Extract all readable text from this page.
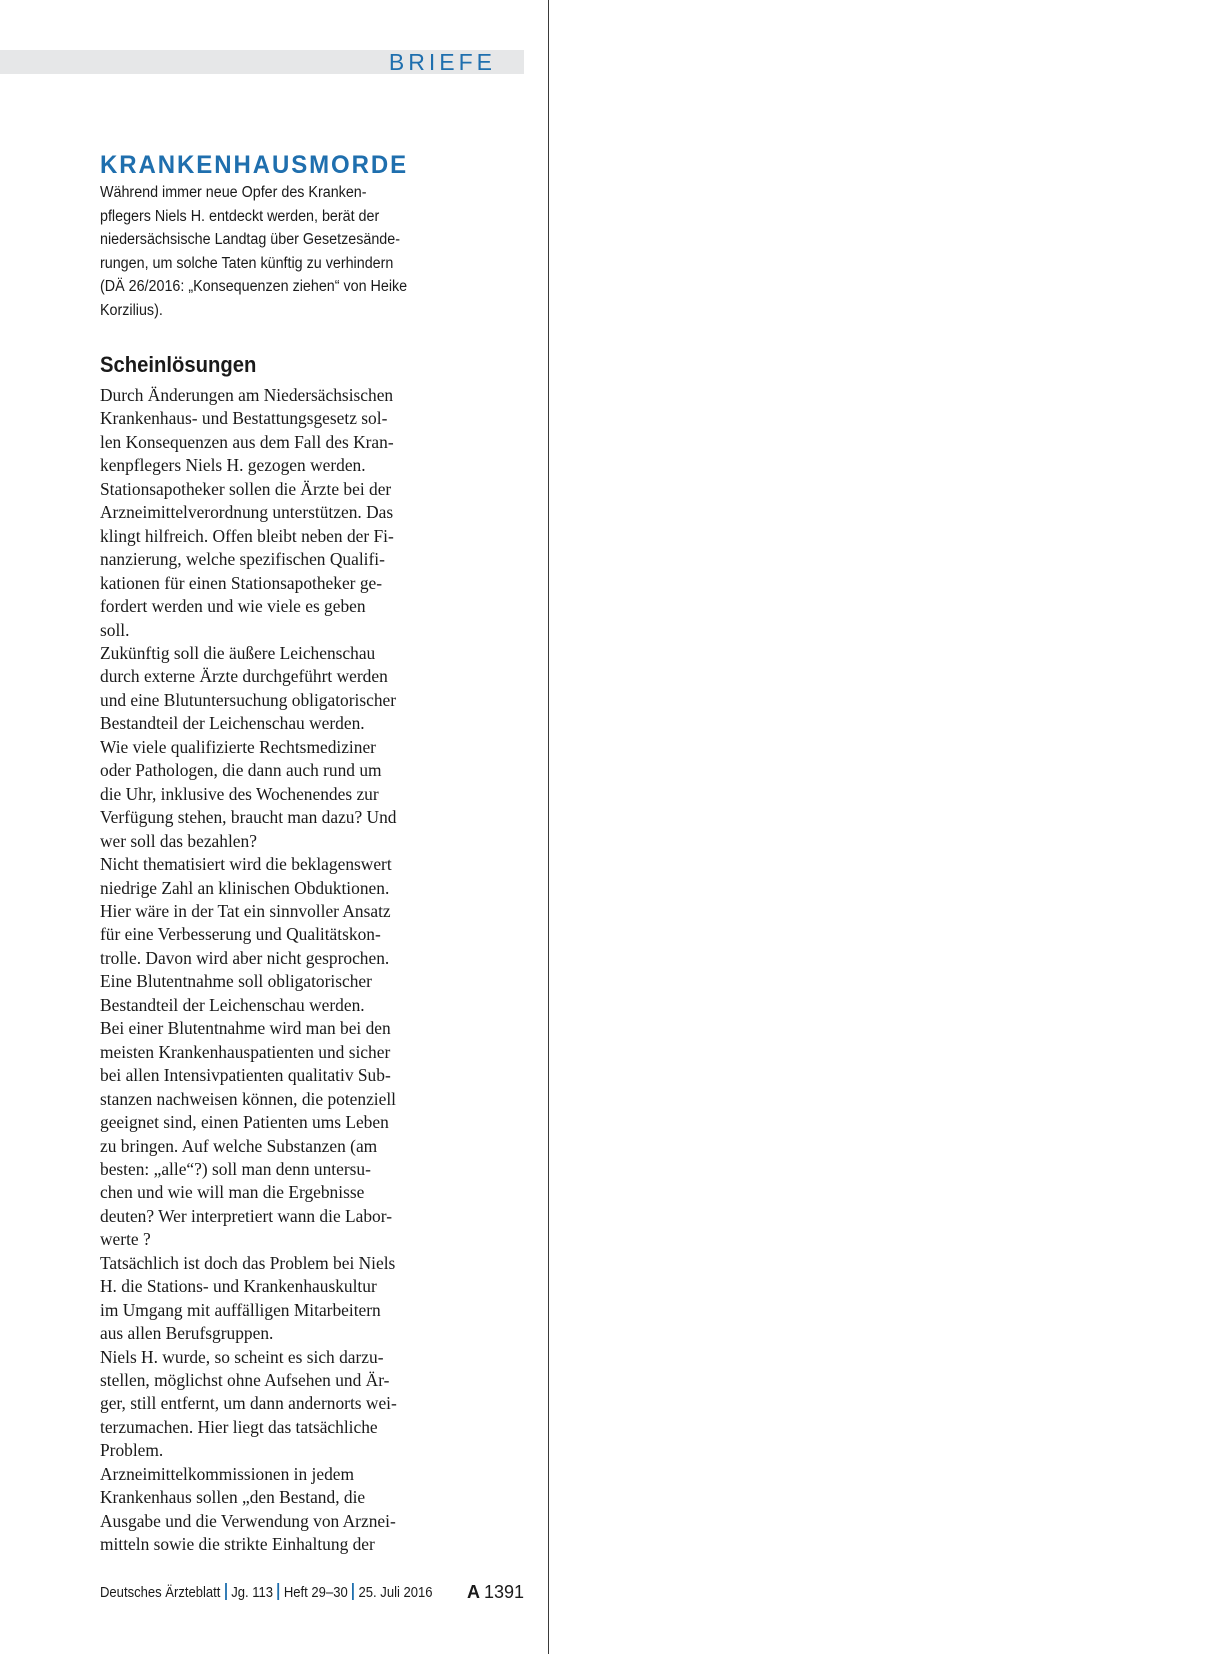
BRIEFE
KRANKENHAUSMORDE

Während immer neue Opfer des Kranken-
pflegers Niels H. entdeckt werden, berät der
niedersächsische Landtag über Gesetzesände-
rungen, um solche Taten künftig zu verhindern
(DÄ 26/2016: „Konsequenzen ziehen“ von Heike
Korzilius).

Scheinlösungen

Durch Änderungen am Niedersächsischen
Krankenhaus- und Bestattungsgesetz sol-
len Konsequenzen aus dem Fall des Kran-
kenpflegers Niels H. gezogen werden.
Stationsapotheker sollen die Ärzte bei der
Arzneimittelverordnung unterstützen. Das
klingt hilfreich. Offen bleibt neben der Fi-
nanzierung, welche spezifischen Qualifi-
kationen für einen Stationsapotheker ge-
fordert werden und wie viele es geben
soll.
Zukünftig soll die äußere Leichenschau
durch externe Ärzte durchgeführt werden
und eine Blutuntersuchung obligatorischer
Bestandteil der Leichenschau werden.
Wie viele qualifizierte Rechtsmediziner
oder Pathologen, die dann auch rund um
die Uhr, inklusive des Wochenendes zur
Verfügung stehen, braucht man dazu? Und
wer soll das bezahlen?
Nicht thematisiert wird die beklagenswert
niedrige Zahl an klinischen Obduktionen.
Hier wäre in der Tat ein sinnvoller Ansatz
für eine Verbesserung und Qualitätskon-
trolle. Davon wird aber nicht gesprochen.
Eine Blutentnahme soll obligatorischer
Bestandteil der Leichenschau werden.
Bei einer Blutentnahme wird man bei den
meisten Krankenhauspatienten und sicher
bei allen Intensivpatienten qualitativ Sub-
stanzen nachweisen können, die potenziell
geeignet sind, einen Patienten ums Leben
zu bringen. Auf welche Substanzen (am
besten: „alle“?) soll man denn untersu-
chen und wie will man die Ergebnisse
deuten? Wer interpretiert wann die Labor-
werte ?
Tatsächlich ist doch das Problem bei Niels
H. die Stations- und Krankenhauskultur
im Umgang mit auffälligen Mitarbeitern
aus allen Berufsgruppen.
Niels H. wurde, so scheint es sich darzu-
stellen, möglichst ohne Aufsehen und Är-
ger, still entfernt, um dann andernorts wei-
terzumachen. Hier liegt das tatsächliche
Problem.
Arzneimittelkommissionen in jedem
Krankenhaus sollen „den Bestand, die
Ausgabe und die Verwendung von Arznei-
mitteln sowie die strikte Einhaltung der

Deutsches Ärzteblatt Jg. 113 Heft 29–30 25. Juli 2016 A 1391
